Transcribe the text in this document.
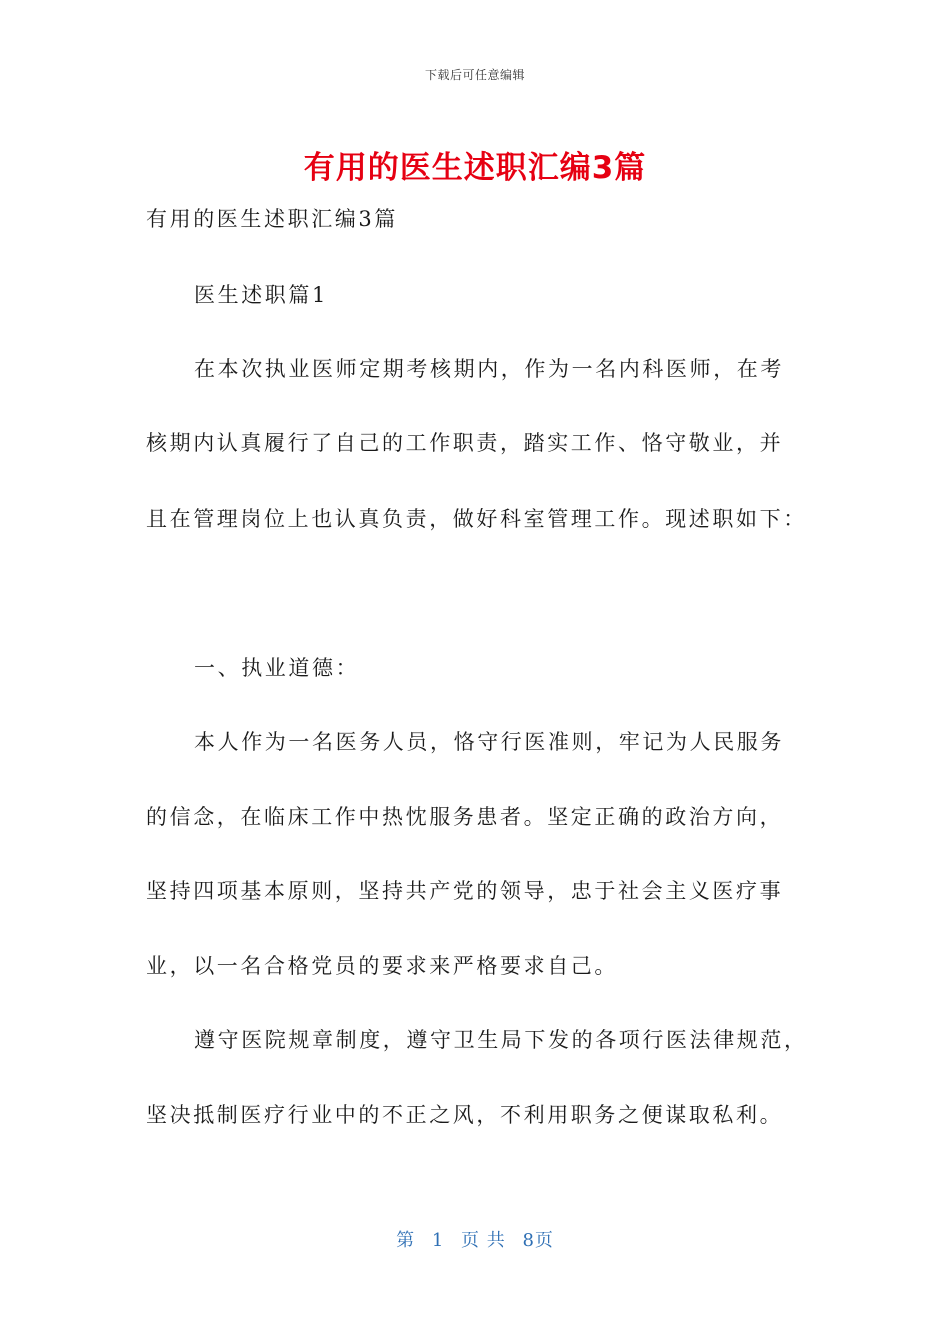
下载后可任意编辑
有用的医生述职汇编3篇
有用的医生述职汇编3篇
医生述职篇1
在本次执业医师定期考核期内，作为一名内科医师，在考
核期内认真履行了自己的工作职责，踏实工作、恪守敬业，并
且在管理岗位上也认真负责，做好科室管理工作。现述职如下：
一、执业道德：
本人作为一名医务人员，恪守行医准则，牢记为人民服务
的信念，在临床工作中热忱服务患者。坚定正确的政治方向，
坚持四项基本原则，坚持共产党的领导，忠于社会主义医疗事
业，以一名合格党员的要求来严格要求自己。
遵守医院规章制度，遵守卫生局下发的各项行医法律规范，
坚决抵制医疗行业中的不正之风，不利用职务之便谋取私利。
第 1 页 共 8页
